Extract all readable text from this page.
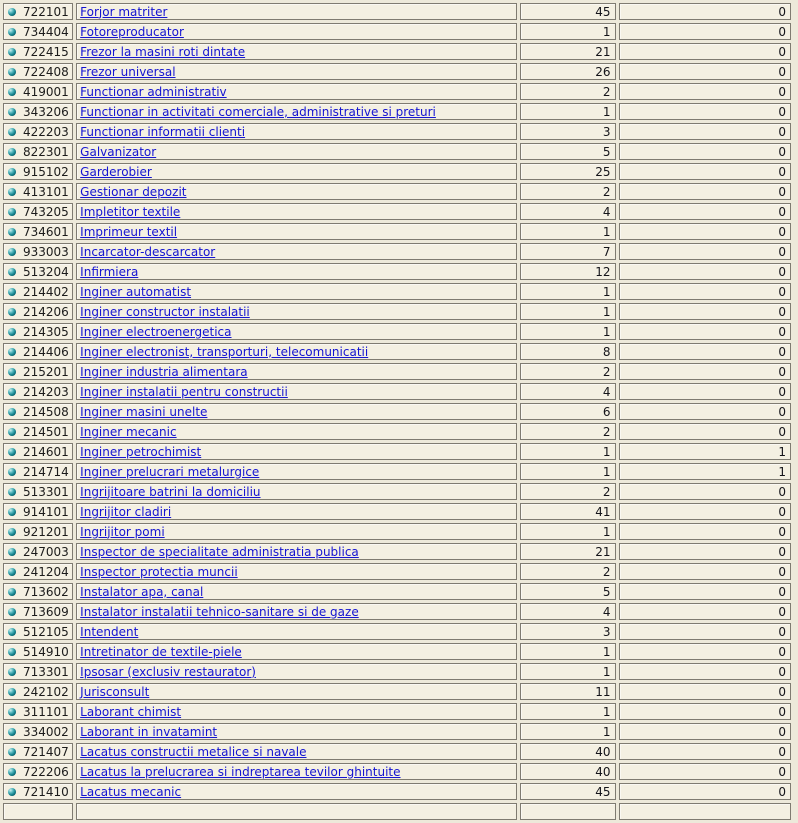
722101	Forjor matriter	45	0

734404	Fotoreproducator	1	0

722415	Frezor la masini roti dintate	21	0

722408	Frezor universal	26	0

419001	Functionar administrativ	2	0

343206	Functionar in activitati comerciale, administrative si preturi	1	0

422203	Functionar informatii clienti	3	0

822301	Galvanizator	5	0

915102	Garderobier	25	0

413101	Gestionar depozit	2	0

743205	Impletitor textile	4	0

734601	Imprimeur textil	1	0

933003	Incarcator-descarcator	7	0

513204	Infirmiera	12	0

214402	Inginer automatist	1	0

214206	Inginer constructor instalatii	1	0

214305	Inginer electroenergetica	1	0

214406	Inginer electronist, transporturi, telecomunicatii	8	0

215201	Inginer industria alimentara	2	0

214203	Inginer instalatii pentru constructii	4	0

214508	Inginer masini unelte	6	0

214501	Inginer mecanic	2	0

214601	Inginer petrochimist	1	1

214714	Inginer prelucrari metalurgice	1	1

513301	Ingrijitoare batrini la domiciliu	2	0

914101	Ingrijitor cladiri	41	0

921201	Ingrijitor pomi	1	0

247003	Inspector de specialitate administratia publica	21	0

241204	Inspector protectia muncii	2	0

713602	Instalator apa, canal	5	0

713609	Instalator instalatii tehnico-sanitare si de gaze	4	0

512105	Intendent	3	0

514910	Intretinator de textile-piele	1	0

713301	Ipsosar (exclusiv restaurator)	1	0

242102	Jurisconsult	11	0

311101	Laborant chimist	1	0

334002	Laborant in invatamint	1	0

721407	Lacatus constructii metalice si navale	40	0

722206	Lacatus la prelucrarea si indreptarea tevilor ghintuite	40	0

721410	Lacatus mecanic	45	0
